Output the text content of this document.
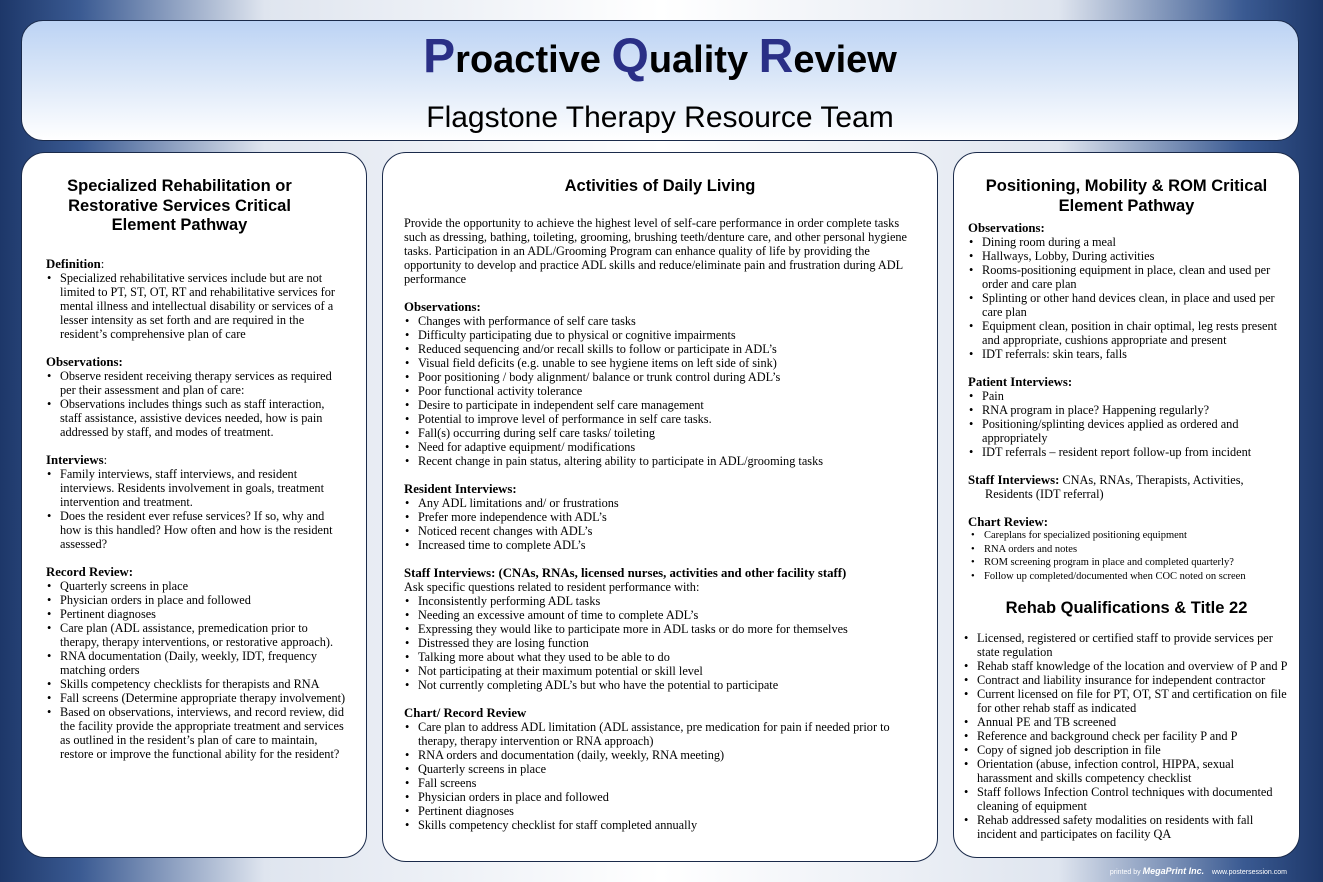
Proactive Quality Review
Flagstone Therapy Resource Team
Specialized Rehabilitation or Restorative Services Critical Element Pathway
Definition:
• Specialized rehabilitative services include but are not limited to PT, ST, OT, RT and rehabilitative services for mental illness and intellectual disability or services of a lesser intensity as set forth and are required in the resident’s comprehensive plan of care
Observations:
• Observe resident receiving therapy services as required per their assessment and plan of care:
• Observations includes things such as staff interaction, staff assistance, assistive devices needed, how is pain addressed by staff, and modes of treatment.
Interviews:
• Family interviews, staff interviews, and resident interviews. Residents involvement in goals, treatment intervention and treatment.
• Does the resident ever refuse services? If so, why and how is this handled? How often and how is the resident assessed?
Record Review:
• Quarterly screens in place
• Physician orders in place and followed
• Pertinent diagnoses
• Care plan (ADL assistance, premedication prior to therapy, therapy interventions, or restorative approach).
• RNA documentation (Daily, weekly, IDT, frequency matching orders
• Skills competency checklists for therapists and RNA
• Fall screens (Determine appropriate therapy involvement)
• Based on observations, interviews, and record review, did the facility provide the appropriate treatment and services as outlined in the resident’s plan of care to maintain, restore or improve the functional ability for the resident?
Activities of Daily Living
Provide the opportunity to achieve the highest level of self-care performance in order complete tasks such as dressing, bathing, toileting, grooming, brushing teeth/denture care, and other personal hygiene tasks. Participation in an ADL/Grooming Program can enhance quality of life by providing the opportunity to develop and practice ADL skills and reduce/eliminate pain and frustration during ADL performance
Observations:
• Changes with performance of self care tasks
• Difficulty participating due to physical or cognitive impairments
• Reduced sequencing and/or recall skills to follow or participate in ADL’s
• Visual field deficits (e.g. unable to see hygiene items on left side of sink)
• Poor positioning / body alignment/ balance or trunk control during ADL’s
• Poor functional activity tolerance
• Desire to participate in independent self care management
• Potential to improve level of performance in self care tasks.
• Fall(s) occurring during self care tasks/ toileting
• Need for adaptive equipment/ modifications
• Recent change in pain status, altering ability to participate in ADL/grooming tasks
Resident Interviews:
• Any ADL limitations and/ or frustrations
• Prefer more independence with ADL’s
• Noticed recent changes with ADL’s
• Increased time to complete ADL’s
Staff Interviews: (CNAs, RNAs, licensed nurses, activities and other facility staff)
Ask specific questions related to resident performance with:
• Inconsistently performing ADL tasks
• Needing an excessive amount of time to complete ADL’s
• Expressing they would like to participate more in ADL tasks or do more for themselves
• Distressed they are losing function
• Talking more about what they used to be able to do
• Not participating at their maximum potential or skill level
• Not currently completing ADL’s but who have the potential to participate
Chart/ Record Review
• Care plan to address ADL limitation (ADL assistance, pre medication for pain if needed prior to therapy, therapy intervention or RNA approach)
• RNA orders and documentation (daily, weekly, RNA meeting)
• Quarterly screens in place
• Fall screens
• Physician orders in place and followed
• Pertinent diagnoses
• Skills competency checklist for staff completed annually
Positioning, Mobility & ROM Critical Element Pathway
Observations:
• Dining room during a meal
• Hallways, Lobby, During activities
• Rooms-positioning equipment in place, clean and used per order and care plan
• Splinting or other hand devices clean, in place and used per care plan
• Equipment clean, position in chair optimal, leg rests present and appropriate, cushions appropriate and present
• IDT referrals: skin tears, falls
Patient Interviews:
• Pain
• RNA program in place? Happening regularly?
• Positioning/splinting devices applied as ordered and appropriately
• IDT referrals – resident report follow-up from incident
Staff Interviews: CNAs, RNAs, Therapists, Activities, Residents (IDT referral)
Chart Review:
• Careplans for specialized positioning equipment
• RNA orders and notes
• ROM screening program in place and completed quarterly?
• Follow up completed/documented when COC noted on screen
Rehab Qualifications & Title 22
• Licensed, registered or certified staff to provide services per state regulation
• Rehab staff knowledge of the location and overview of P and P
• Contract and liability insurance for independent contractor
• Current licensed on file for PT, OT, ST and certification on file for other rehab staff as indicated
• Annual PE and TB screened
• Reference and background check per facility P and P
• Copy of signed job description in file
• Orientation (abuse, infection control, HIPPA, sexual harassment and skills competency checklist
• Staff follows Infection Control techniques with documented cleaning of equipment
• Rehab addressed safety modalities on residents with fall incident and participates on facility QA
printed by MegaPrint Inc. www.postersession.com
